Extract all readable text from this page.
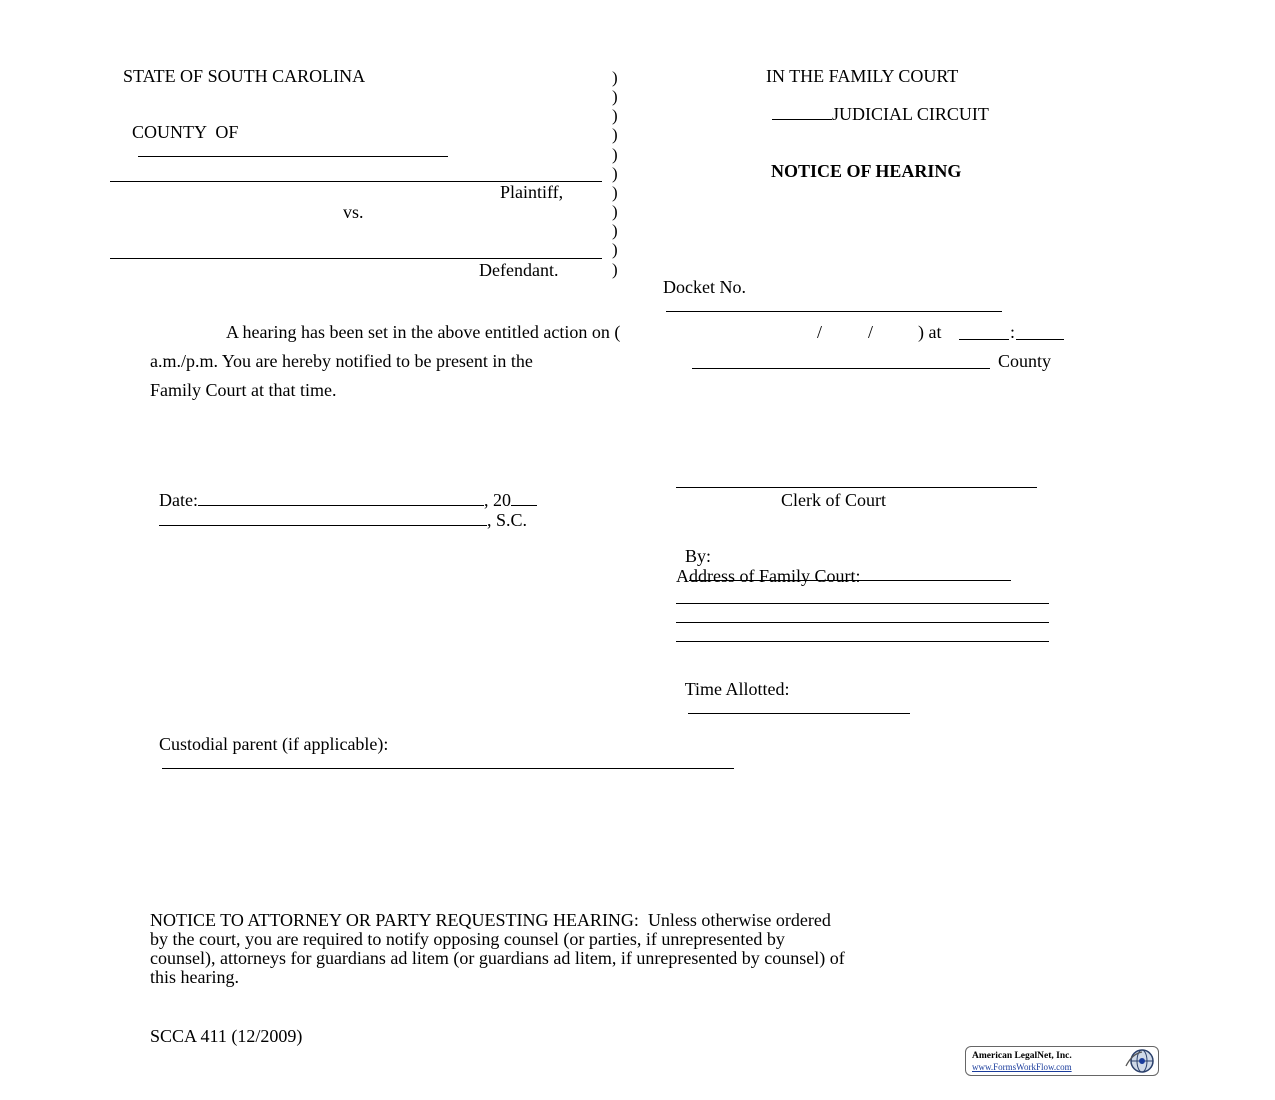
STATE OF SOUTH CAROLINA

COUNTY  OF

Plaintiff,
vs.
Defendant.
)
)
)
)
)
)
)
)
)
)
)
IN THE FAMILY COURT

JUDICIAL CIRCUIT

NOTICE OF HEARING

Docket No.

A hearing has been set in the above entitled action on (	/	/ ) at	:
a.m./p.m. You are hereby notified to be present in the	County
Family Court at that time.

Date:	, 20

, S.C.

Clerk of Court

By:

Address of Family Court:

Time Allotted:

Custodial parent (if applicable):

NOTICE TO ATTORNEY OR PARTY REQUESTING HEARING:  Unless otherwise ordered
by the court, you are required to notify opposing counsel (or parties, if unrepresented by
counsel), attorneys for guardians ad litem (or guardians ad litem, if unrepresented by counsel) of
this hearing.
SCCA 411 (12/2009)
American LegalNet, Inc.
www.FormsWorkFlow.com
